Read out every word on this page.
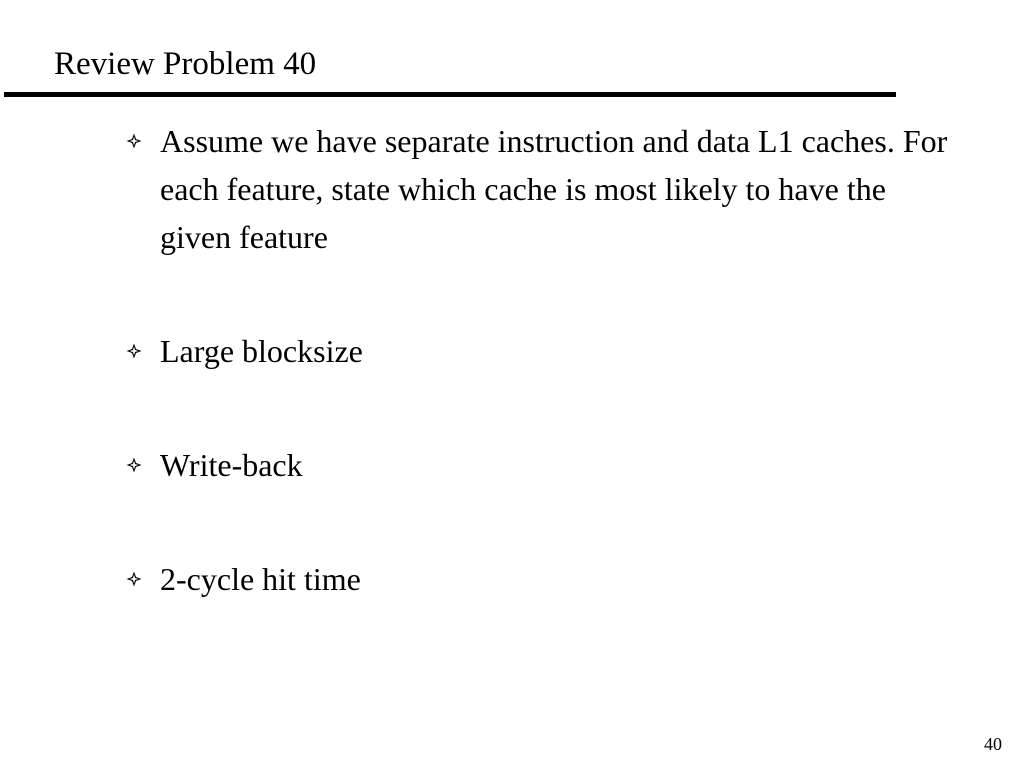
Review Problem 40
Assume we have separate instruction and data L1 caches. For each feature, state which cache is most likely to have the given feature
Large blocksize
Write-back
2-cycle hit time
40
